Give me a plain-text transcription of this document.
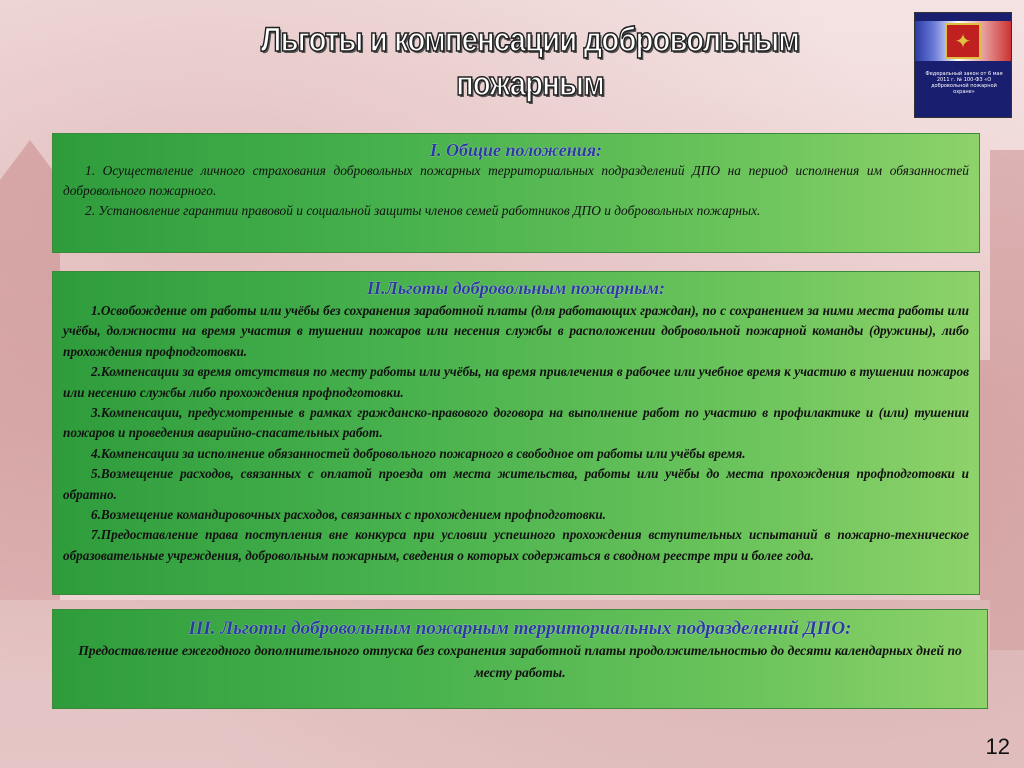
Льготы и компенсации добровольным
пожарным
✦
Федеральный закон от 6 мая 2011 г. № 100-ФЗ «О добровольной пожарной охране»
I. Общие положения:

1. Осуществление личного страхования добровольных пожарных территориальных подразделений ДПО на период исполнения им обязанностей добровольного пожарного.

2. Установление гарантии правовой и социальной защиты членов семей работников ДПО и добровольных пожарных.

II.Льготы добровольным пожарным:

1.Освобождение от работы или учёбы без сохранения заработной платы (для работающих граждан), по с сохранением за ними места работы или учёбы, должности на время участия в тушении пожаров или несения службы в расположении добровольной пожарной команды (дружины), либо прохождения профподготовки.

2.Компенсации за время отсутствия по месту работы или учёбы, на время привлечения в рабочее или учебное время к участию в тушении пожаров или несению службы либо прохождения профподготовки.

3.Компенсации, предусмотренные в рамках гражданско-правового договора на выполнение работ по участию в профилактике и (или) тушении пожаров и проведения аварийно-спасательных работ.

4.Компенсации за исполнение обязанностей добровольного пожарного в свободное от работы или учёбы время.

5.Возмещение расходов, связанных с оплатой проезда от места жительства, работы или учёбы до места прохождения профподготовки и обратно.

6.Возмещение командировочных расходов, связанных с прохождением профподготовки.

7.Предоставление права поступления вне конкурса при условии успешного прохождения вступительных испытаний в пожарно-техническое образовательные учреждения, добровольным пожарным, сведения о которых содержаться в сводном реестре три и более года.

III. Льготы добровольным пожарным территориальных подразделений ДПО:

Предоставление ежегодного дополнительного отпуска без сохранения заработной платы продолжительностью до десяти календарных дней по месту работы.

12
